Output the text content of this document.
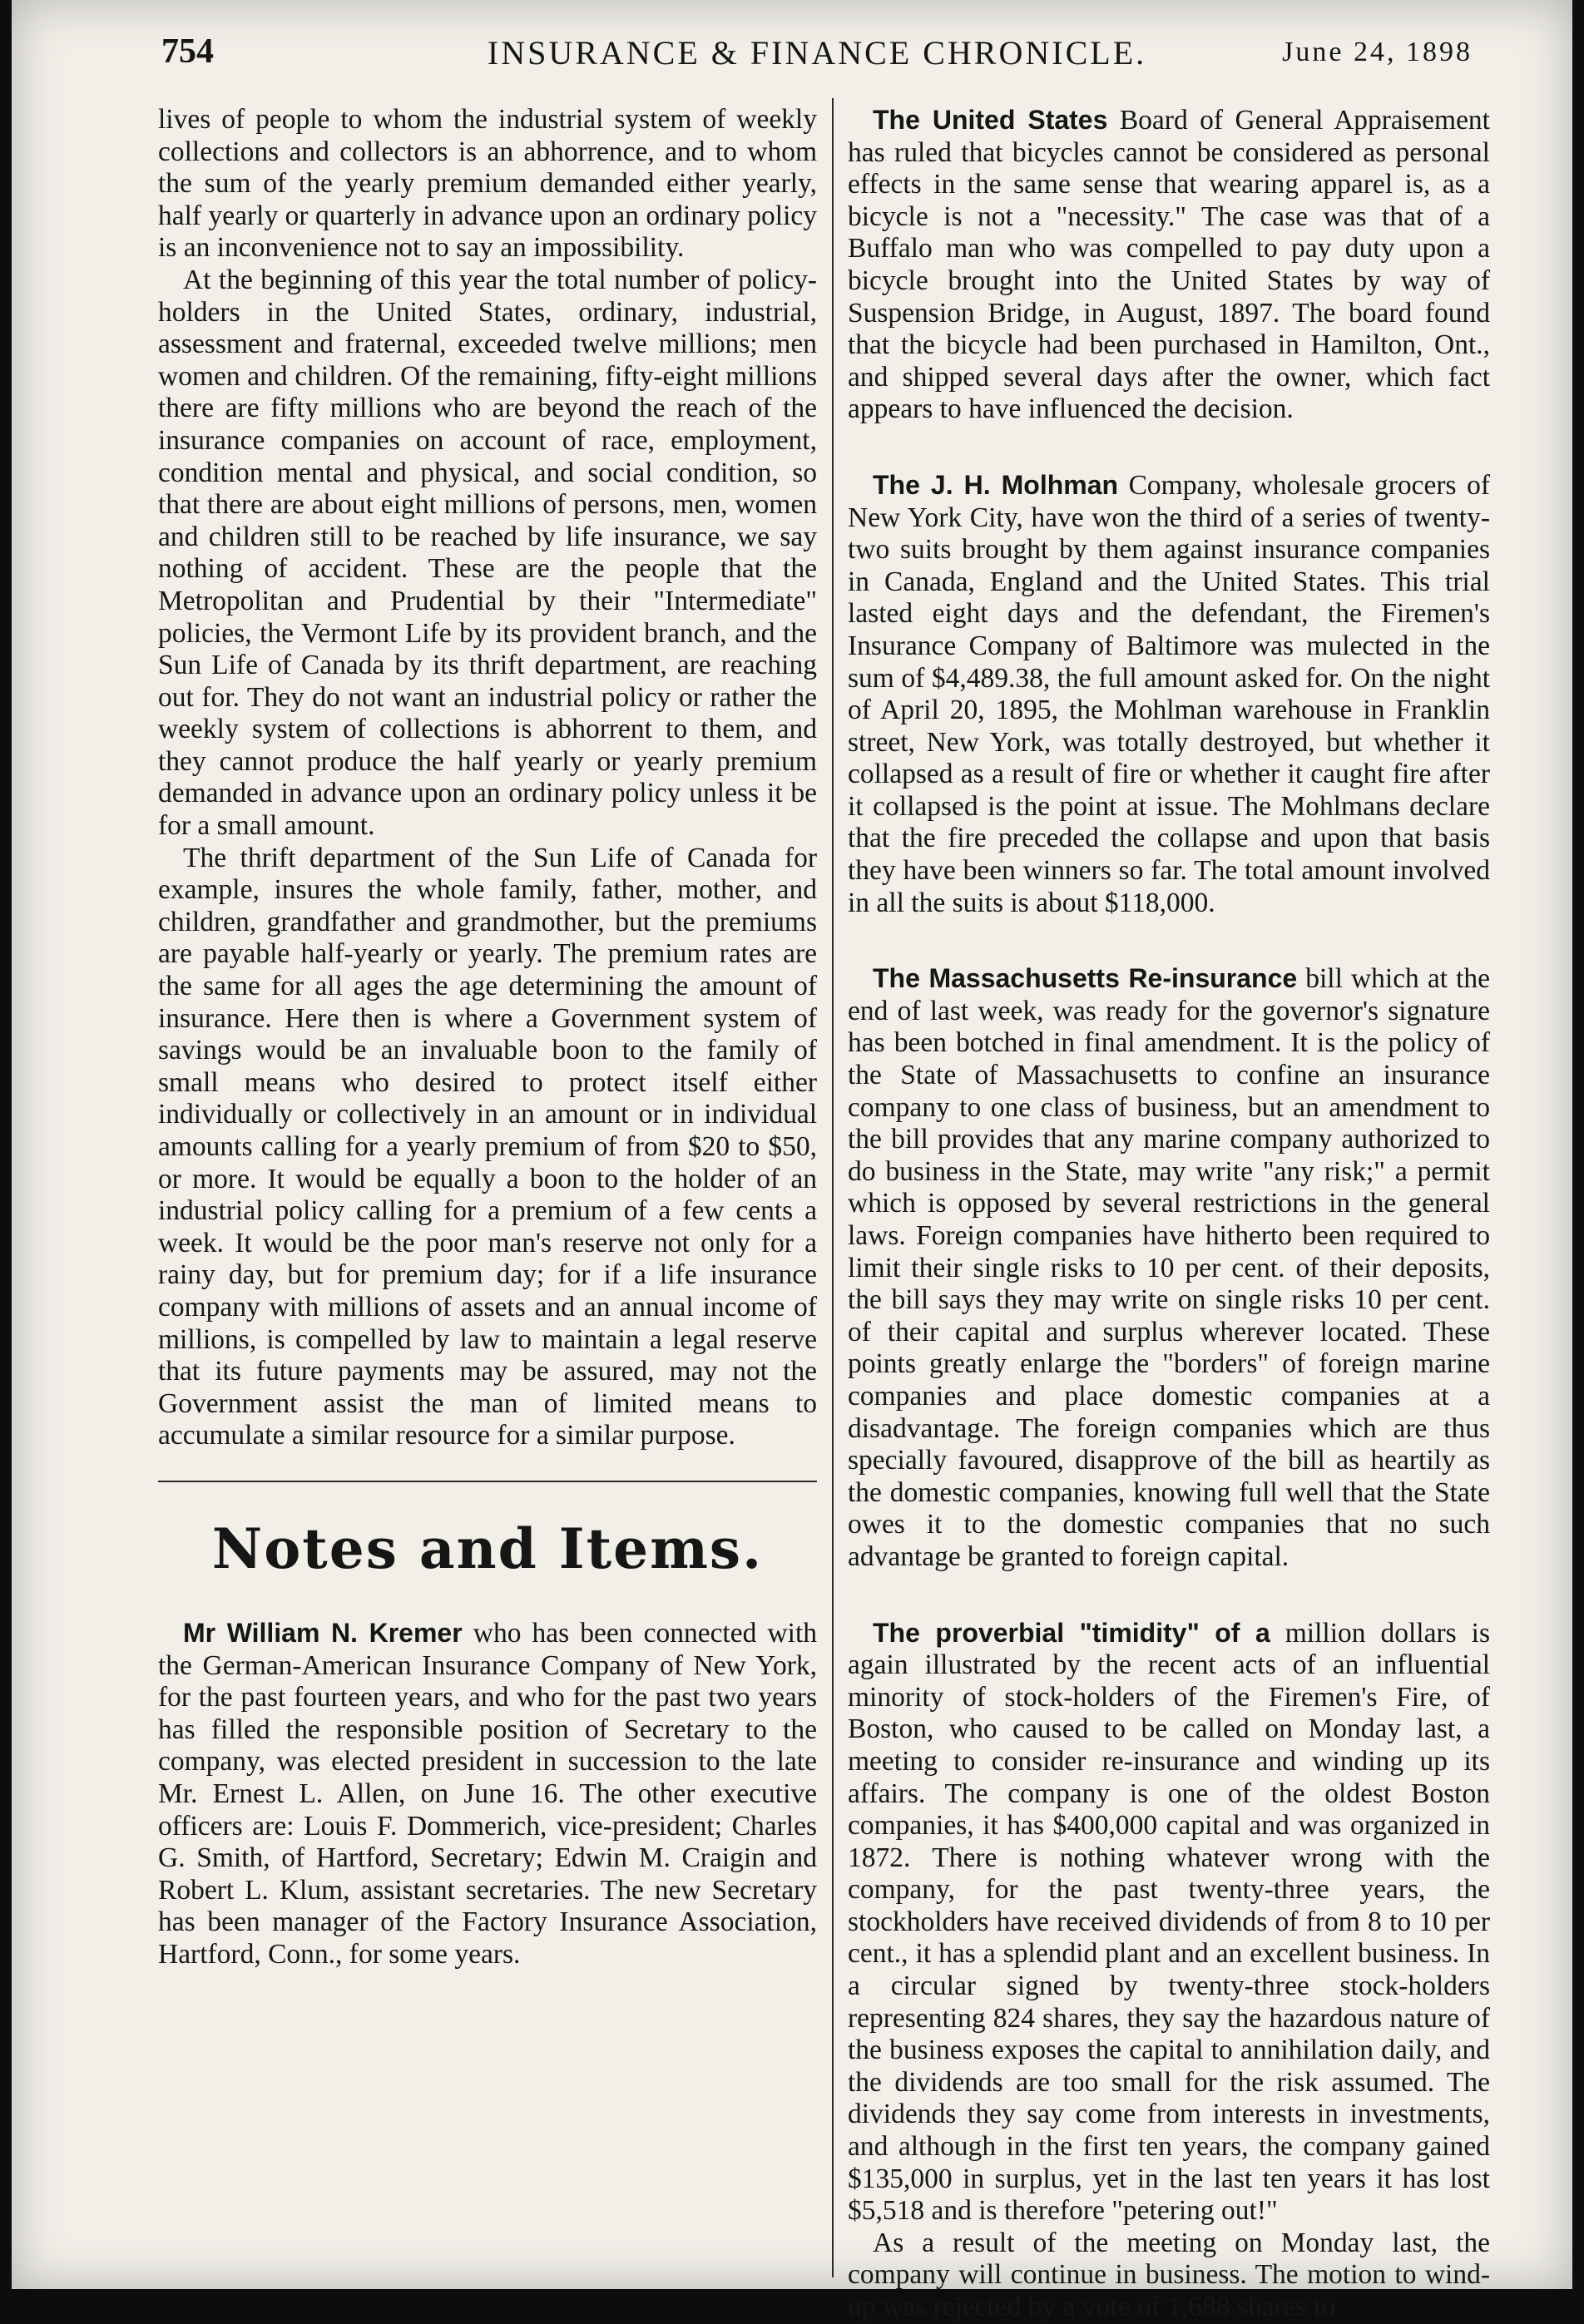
754	INSURANCE & FINANCE CHRONICLE.	June 24, 1898

lives of people to whom the industrial system of weekly collections and collectors is an abhorrence, and to whom the sum of the yearly premium demanded either yearly, half yearly or quarterly in advance upon an ordinary policy is an inconvenience not to say an impossibility.

At the beginning of this year the total number of policy-holders in the United States, ordinary, industrial, assessment and fraternal, exceeded twelve millions; men women and children. Of the remaining, fifty-eight millions there are fifty millions who are beyond the reach of the insurance companies on account of race, employment, condition mental and physical, and social condition, so that there are about eight millions of persons, men, women and children still to be reached by life insurance, we say nothing of accident. These are the people that the Metropolitan and Prudential by their "Intermediate" policies, the Vermont Life by its provident branch, and the Sun Life of Canada by its thrift department, are reaching out for. They do not want an industrial policy or rather the weekly system of collections is abhorrent to them, and they cannot produce the half yearly or yearly premium demanded in advance upon an ordinary policy unless it be for a small amount.

The thrift department of the Sun Life of Canada for example, insures the whole family, father, mother, and children, grandfather and grandmother, but the premiums are payable half-yearly or yearly. The premium rates are the same for all ages the age determining the amount of insurance. Here then is where a Government system of savings would be an invaluable boon to the family of small means who desired to protect itself either individually or collectively in an amount or in individual amounts calling for a yearly premium of from $20 to $50, or more. It would be equally a boon to the holder of an industrial policy calling for a premium of a few cents a week. It would be the poor man's reserve not only for a rainy day, but for premium day; for if a life insurance company with millions of assets and an annual income of millions, is compelled by law to maintain a legal reserve that its future payments may be assured, may not the Government assist the man of limited means to accumulate a similar resource for a similar purpose.

Notes and Items.

Mr William N. Kremer who has been connected with the German-American Insurance Company of New York, for the past fourteen years, and who for the past two years has filled the responsible position of Secretary to the company, was elected president in succession to the late Mr. Ernest L. Allen, on June 16. The other executive officers are: Louis F. Dommerich, vice-president; Charles G. Smith, of Hartford, Secretary; Edwin M. Craigin and Robert L. Klum, assistant secretaries. The new Secretary has been manager of the Factory Insurance Association, Hartford, Conn., for some years.

The United States Board of General Appraisement has ruled that bicycles cannot be considered as personal effects in the same sense that wearing apparel is, as a bicycle is not a "necessity." The case was that of a Buffalo man who was compelled to pay duty upon a bicycle brought into the United States by way of Suspension Bridge, in August, 1897. The board found that the bicycle had been purchased in Hamilton, Ont., and shipped several days after the owner, which fact appears to have influenced the decision.

The J. H. Molhman Company, wholesale grocers of New York City, have won the third of a series of twenty-two suits brought by them against insurance companies in Canada, England and the United States. This trial lasted eight days and the defendant, the Firemen's Insurance Company of Baltimore was mulected in the sum of $4,489.38, the full amount asked for. On the night of April 20, 1895, the Mohlman warehouse in Franklin street, New York, was totally destroyed, but whether it collapsed as a result of fire or whether it caught fire after it collapsed is the point at issue. The Mohlmans declare that the fire preceded the collapse and upon that basis they have been winners so far. The total amount involved in all the suits is about $118,000.

The Massachusetts Re-insurance bill which at the end of last week, was ready for the governor's signature has been botched in final amendment. It is the policy of the State of Massachusetts to confine an insurance company to one class of business, but an amendment to the bill provides that any marine company authorized to do business in the State, may write "any risk;" a permit which is opposed by several restrictions in the general laws. Foreign companies have hitherto been required to limit their single risks to 10 per cent. of their deposits, the bill says they may write on single risks 10 per cent. of their capital and surplus wherever located. These points greatly enlarge the "borders" of foreign marine companies and place domestic companies at a disadvantage. The foreign companies which are thus specially favoured, disapprove of the bill as heartily as the domestic companies, knowing full well that the State owes it to the domestic companies that no such advantage be granted to foreign capital.

The proverbial "timidity" of a million dollars is again illustrated by the recent acts of an influential minority of stock-holders of the Firemen's Fire, of Boston, who caused to be called on Monday last, a meeting to consider re-insurance and winding up its affairs. The company is one of the oldest Boston companies, it has $400,000 capital and was organized in 1872. There is nothing whatever wrong with the company, for the past twenty-three years, the stockholders have received dividends of from 8 to 10 per cent., it has a splendid plant and an excellent business. In a circular signed by twenty-three stock-holders representing 824 shares, they say the hazardous nature of the business exposes the capital to annihilation daily, and the dividends are too small for the risk assumed. The dividends they say come from interests in investments, and although in the first ten years, the company gained $135,000 in surplus, yet in the last ten years it has lost $5,518 and is therefore "petering out!"

As a result of the meeting on Monday last, the company will continue in business. The motion to wind-up was rejected by a vote of 1,688 shares to
